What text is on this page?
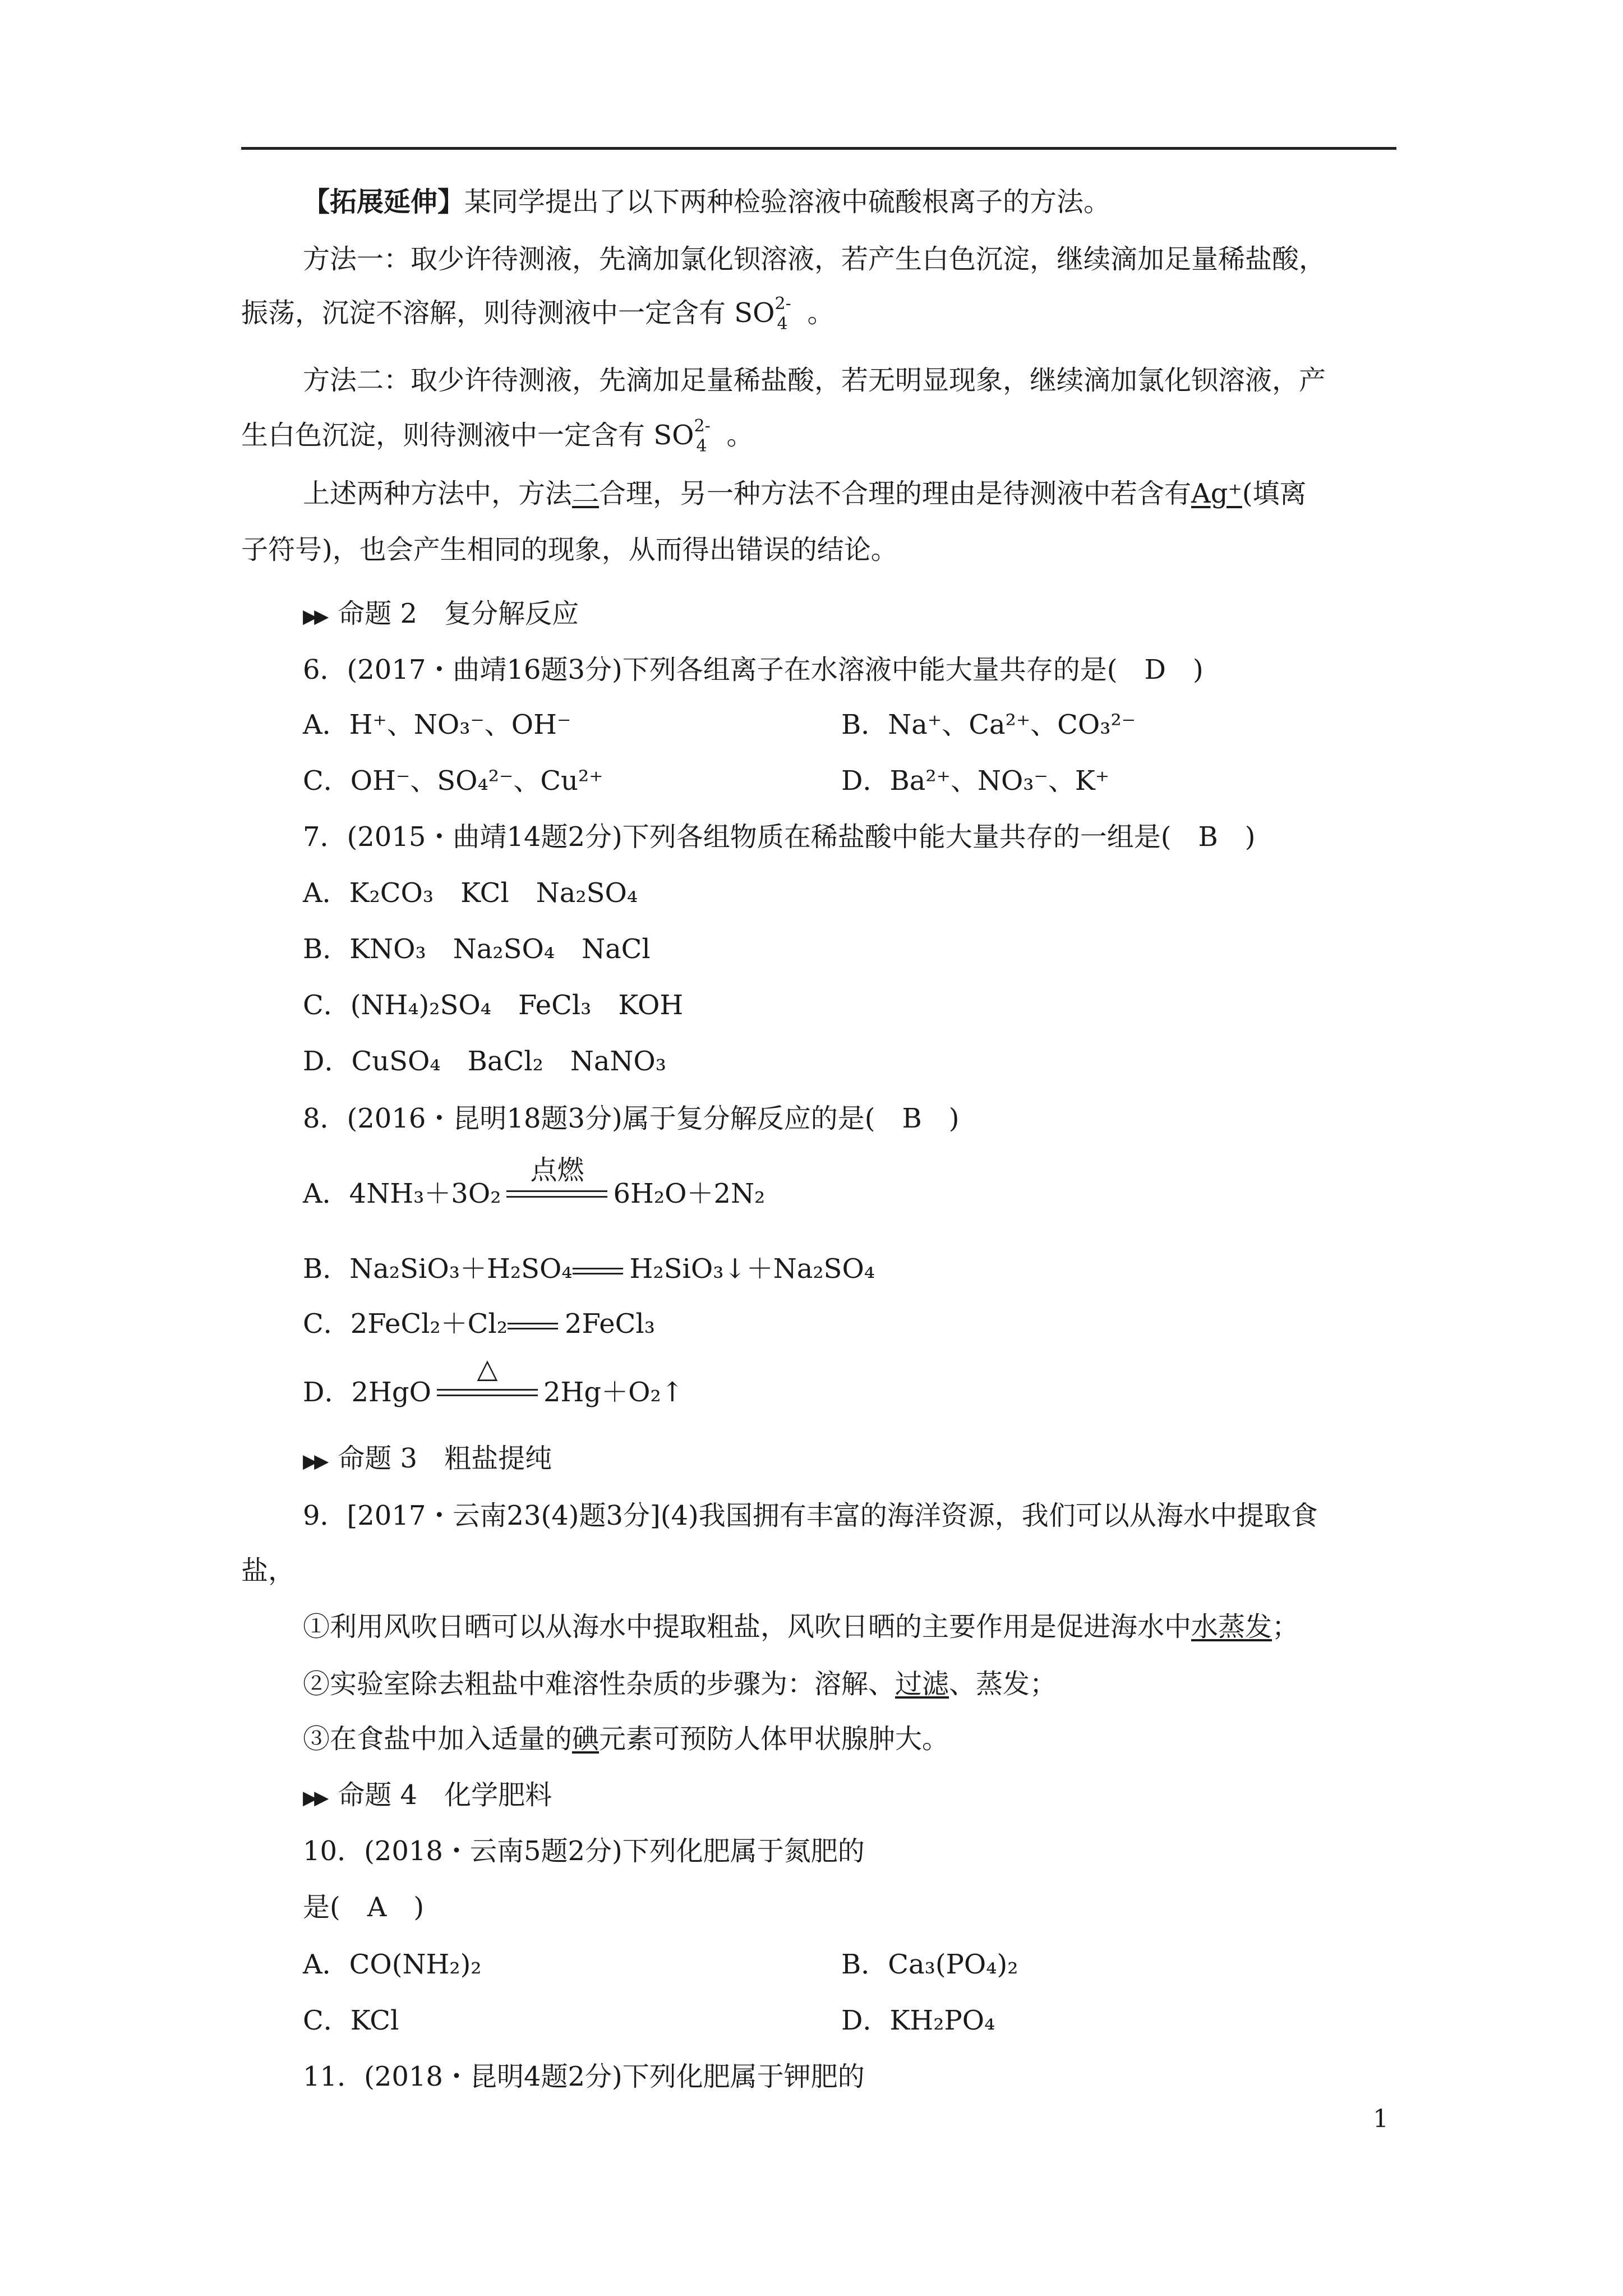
【拓展延伸】某同学提出了以下两种检验溶液中硫酸根离子的方法。
方法一：取少许待测液，先滴加氯化钡溶液，若产生白色沉淀，继续滴加足量稀盐酸，
振荡，沉淀不溶解，则待测液中一定含有 SO 2-
4 。
方法二：取少许待测液，先滴加足量稀盐酸，若无明显现象，继续滴加氯化钡溶液，产
生白色沉淀，则待测液中一定含有 SO 2-
4 。
上述两种方法中，方法二合理，另一种方法不合理的理由是待测液中若含有Ag⁺(填离
子符号)，也会产生相同的现象，从而得出错误的结论。
▶▶ 命题 2　复分解反应
6．(2017・曲靖16题3分)下列各组离子在水溶液中能大量共存的是(　D　)
A．H⁺、NO₃⁻、OH⁻	B．Na⁺、Ca²⁺、CO₃²⁻
C．OH⁻、SO₄²⁻、Cu²⁺	D．Ba²⁺、NO₃⁻、K⁺
7．(2015・曲靖14题2分)下列各组物质在稀盐酸中能大量共存的一组是(　B　)
A．K₂CO₃　KCl　Na₂SO₄
B．KNO₃　Na₂SO₄　NaCl
C．(NH₄)₂SO₄　FeCl₃　KOH
D．CuSO₄　BaCl₂　NaNO₃
8．(2016・昆明18题3分)属于复分解反应的是(　B　)
A．4NH₃＋3O₂
点燃
6H₂O＋2N₂
B．Na₂SiO₃＋H₂SO₄ H₂SiO₃↓＋Na₂SO₄
C．2FeCl₂＋Cl₂ 2FeCl₃
D．2HgO
△
2Hg＋O₂↑
▶▶ 命题 3　粗盐提纯
9．[2017・云南23(4)题3分](4)我国拥有丰富的海洋资源，我们可以从海水中提取食
盐，
①利用风吹日晒可以从海水中提取粗盐，风吹日晒的主要作用是促进海水中水蒸发；
②实验室除去粗盐中难溶性杂质的步骤为：溶解、过滤、蒸发；
③在食盐中加入适量的碘元素可预防人体甲状腺肿大。
▶▶ 命题 4　化学肥料
10．(2018・云南5题2分)下列化肥属于氮肥的
是(　A　)
A．CO(NH₂)₂	B．Ca₃(PO₄)₂
C．KCl	D．KH₂PO₄
11．(2018・昆明4题2分)下列化肥属于钾肥的
1
